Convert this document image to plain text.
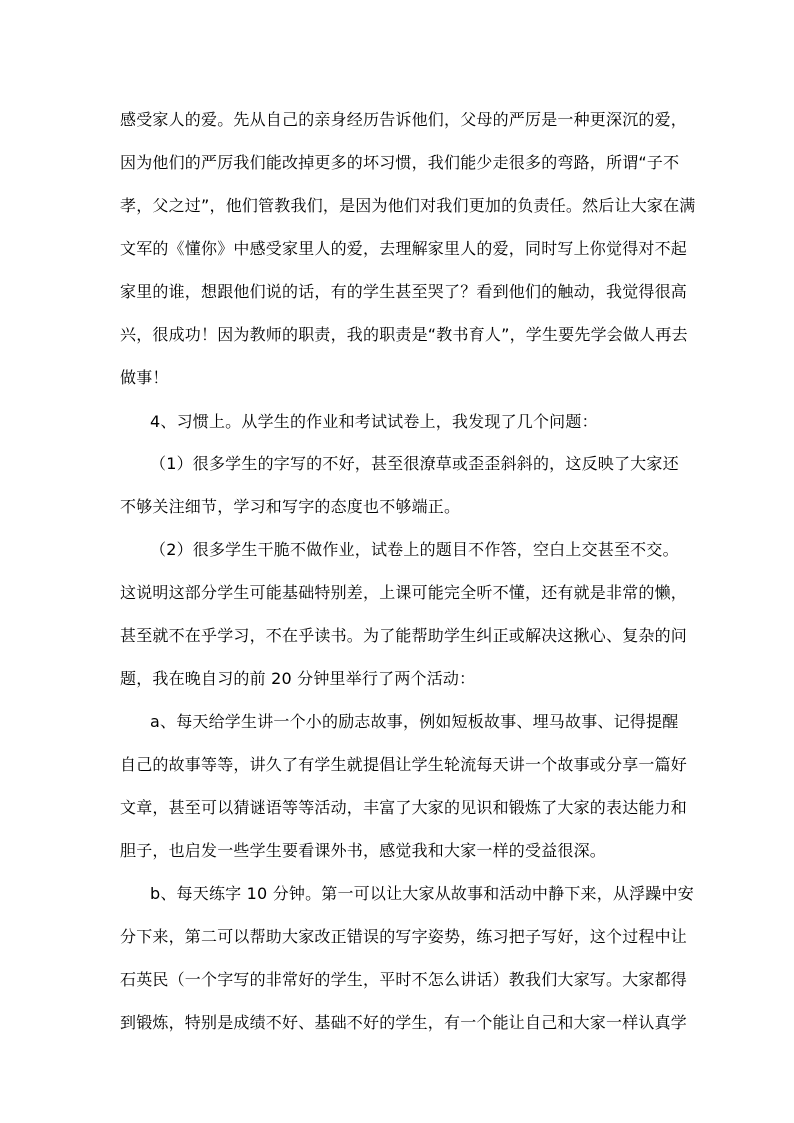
感受家人的爱。先从自己的亲身经历告诉他们，父母的严厉是一种更深沉的爱，
因为他们的严厉我们能改掉更多的坏习惯，我们能少走很多的弯路，所谓“子不
孝，父之过”，他们管教我们，是因为他们对我们更加的负责任。然后让大家在满
文军的《懂你》中感受家里人的爱，去理解家里人的爱，同时写上你觉得对不起
家里的谁，想跟他们说的话，有的学生甚至哭了？看到他们的触动，我觉得很高
兴，很成功！因为教师的职责，我的职责是“教书育人”，学生要先学会做人再去
做事！
4、习惯上。从学生的作业和考试试卷上，我发现了几个问题：
（1）很多学生的字写的不好，甚至很潦草或歪歪斜斜的，这反映了大家还
不够关注细节，学习和写字的态度也不够端正。
（2）很多学生干脆不做作业，试卷上的题目不作答，空白上交甚至不交。
这说明这部分学生可能基础特别差，上课可能完全听不懂，还有就是非常的懒，
甚至就不在乎学习，不在乎读书。为了能帮助学生纠正或解决这揪心、复杂的问
题，我在晚自习的前 20 分钟里举行了两个活动：
a、每天给学生讲一个小的励志故事，例如短板故事、埋马故事、记得提醒
自己的故事等等，讲久了有学生就提倡让学生轮流每天讲一个故事或分享一篇好
文章，甚至可以猜谜语等等活动，丰富了大家的见识和锻炼了大家的表达能力和
胆子，也启发一些学生要看课外书，感觉我和大家一样的受益很深。
b、每天练字 10 分钟。第一可以让大家从故事和活动中静下来，从浮躁中安
分下来，第二可以帮助大家改正错误的写字姿势，练习把子写好，这个过程中让
石英民（一个字写的非常好的学生，平时不怎么讲话）教我们大家写。大家都得
到锻炼，特别是成绩不好、基础不好的学生，有一个能让自己和大家一样认真学
